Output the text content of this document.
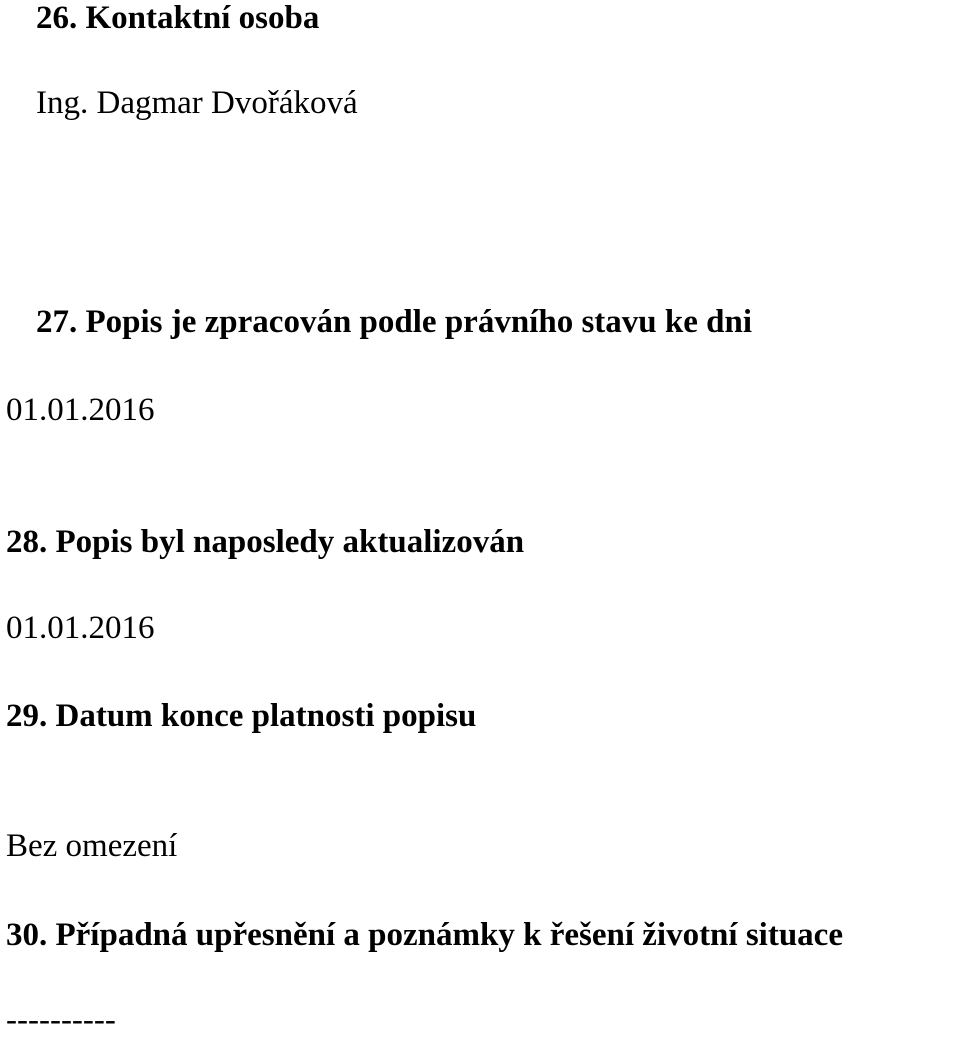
26. Kontaktní osoba
Ing. Dagmar Dvořáková
27. Popis je zpracován podle právního stavu ke dni
01.01.2016
28. Popis byl naposledy aktualizován
01.01.2016
29. Datum konce platnosti popisu
Bez omezení
30. Případná upřesnění a poznámky k řešení životní situace
----------
